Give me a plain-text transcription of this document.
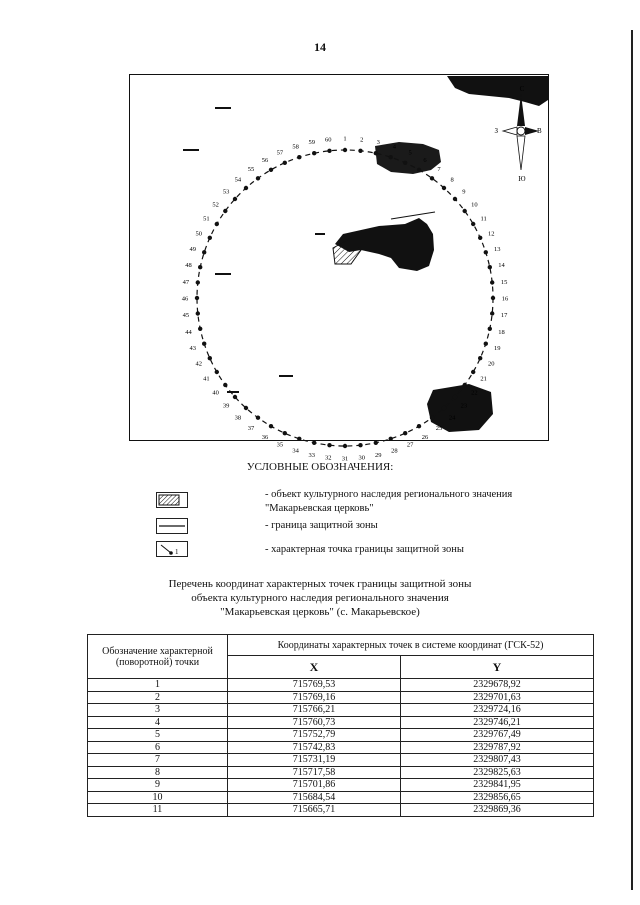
14
С
Ю
В
З
1 2 3
4
5
6
7
8
9
10
11
12
13
14
15
16
17
18
19
20
21
22
23
24
25
26
27
28
29
30
31
32
33
34
35
36
37
38
39
40
41
42
43
44
45
46
47
48
49
50
51
52
53
54
55
56
57
58
59 60
УСЛОВНЫЕ ОБОЗНАЧЕНИЯ:
- объект культурного наследия регионального значения "Макарьевская церковь"
- граница защитной зоны
1	- характерная точка границы защитной зоны
Перечень координат характерных точек границы защитной зоны
объекта культурного наследия регионального значения
"Макарьевская церковь" (с. Макарьевское)
Обозначение характерной (поворотной) точки	Координаты характерных точек в системе координат (ГСК-52)	
	X	Y
1	715769,53	2329678,92
2	715769,16	2329701,63
3	715766,21	2329724,16
4	715760,73	2329746,21
5	715752,79	2329767,49
6	715742,83	2329787,92
7	715731,19	2329807,43
8	715717,58	2329825,63
9	715701,86	2329841,95
10	715684,54	2329856,65
11	715665,71	2329869,36
